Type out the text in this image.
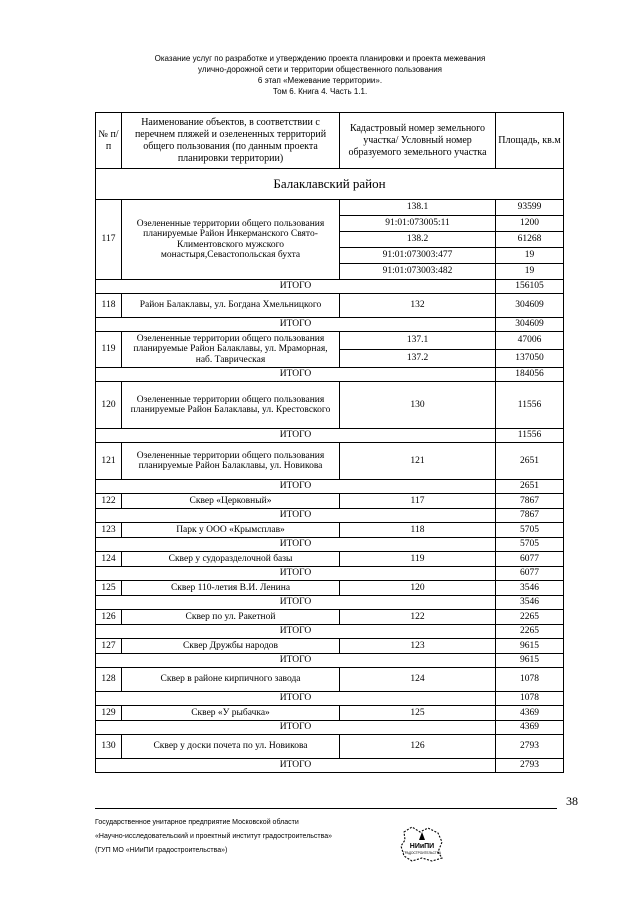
Оказание услуг по разработке и утверждению проекта планировки и проекта межевания
улично-дорожной сети и территории общественного пользования
6 этап «Межевание территории».
Том 6. Книга 4. Часть 1.1.
№ п/п	Наименование объектов, в соответствии с перечнем пляжей и озелененных территорий общего пользования (по данным проекта планировки территории)	Кадастровый номер земельного участка/ Условный номер образуемого земельного участка	Площадь, кв.м
Балаклавский район			
117	Озелененные территории общего пользования планируемые Район Инкерманского Свято-Климентовского мужского монастыря,Севастопольская бухта	138.1	93599
		91:01:073005:11	1200
		138.2	61268
		91:01:073003:477	19
		91:01:073003:482	19
ИТОГО			156105
118	Район Балаклавы, ул. Богдана Хмельницкого	132	304609
ИТОГО			304609
119	Озелененные территории общего пользования планируемые Район Балаклавы, ул. Мраморная, наб. Таврическая	137.1	47006
		137.2	137050
ИТОГО			184056
120	Озелененные территории общего пользования планируемые Район Балаклавы, ул. Крестовского	130	11556
ИТОГО			11556
121	Озелененные территории общего пользования планируемые Район Балаклавы, ул. Новикова	121	2651
ИТОГО			2651
122	Сквер «Церковный»	117	7867
ИТОГО			7867
123	Парк у ООО «Крымсплав»	118	5705
ИТОГО			5705
124	Сквер у судоразделочной базы	119	6077
ИТОГО			6077
125	Сквер 110-летия В.И. Ленина	120	3546
ИТОГО			3546
126	Сквер по ул. Ракетной	122	2265
ИТОГО			2265
127	Сквер Дружбы народов	123	9615
ИТОГО			9615
128	Сквер в районе кирпичного завода	124	1078
ИТОГО			1078
129	Сквер «У рыбачка»	125	4369
ИТОГО			4369
130	Сквер у доски почета по ул. Новикова	126	2793
ИТОГО			2793
38
Государственное унитарное предприятие Московской области
«Научно-исследовательский и проектный институт градостроительства»
(ГУП МО «НИиПИ градостроительства»)
НИиПИ
ГРАДОСТРОИТЕЛЬСТВА
